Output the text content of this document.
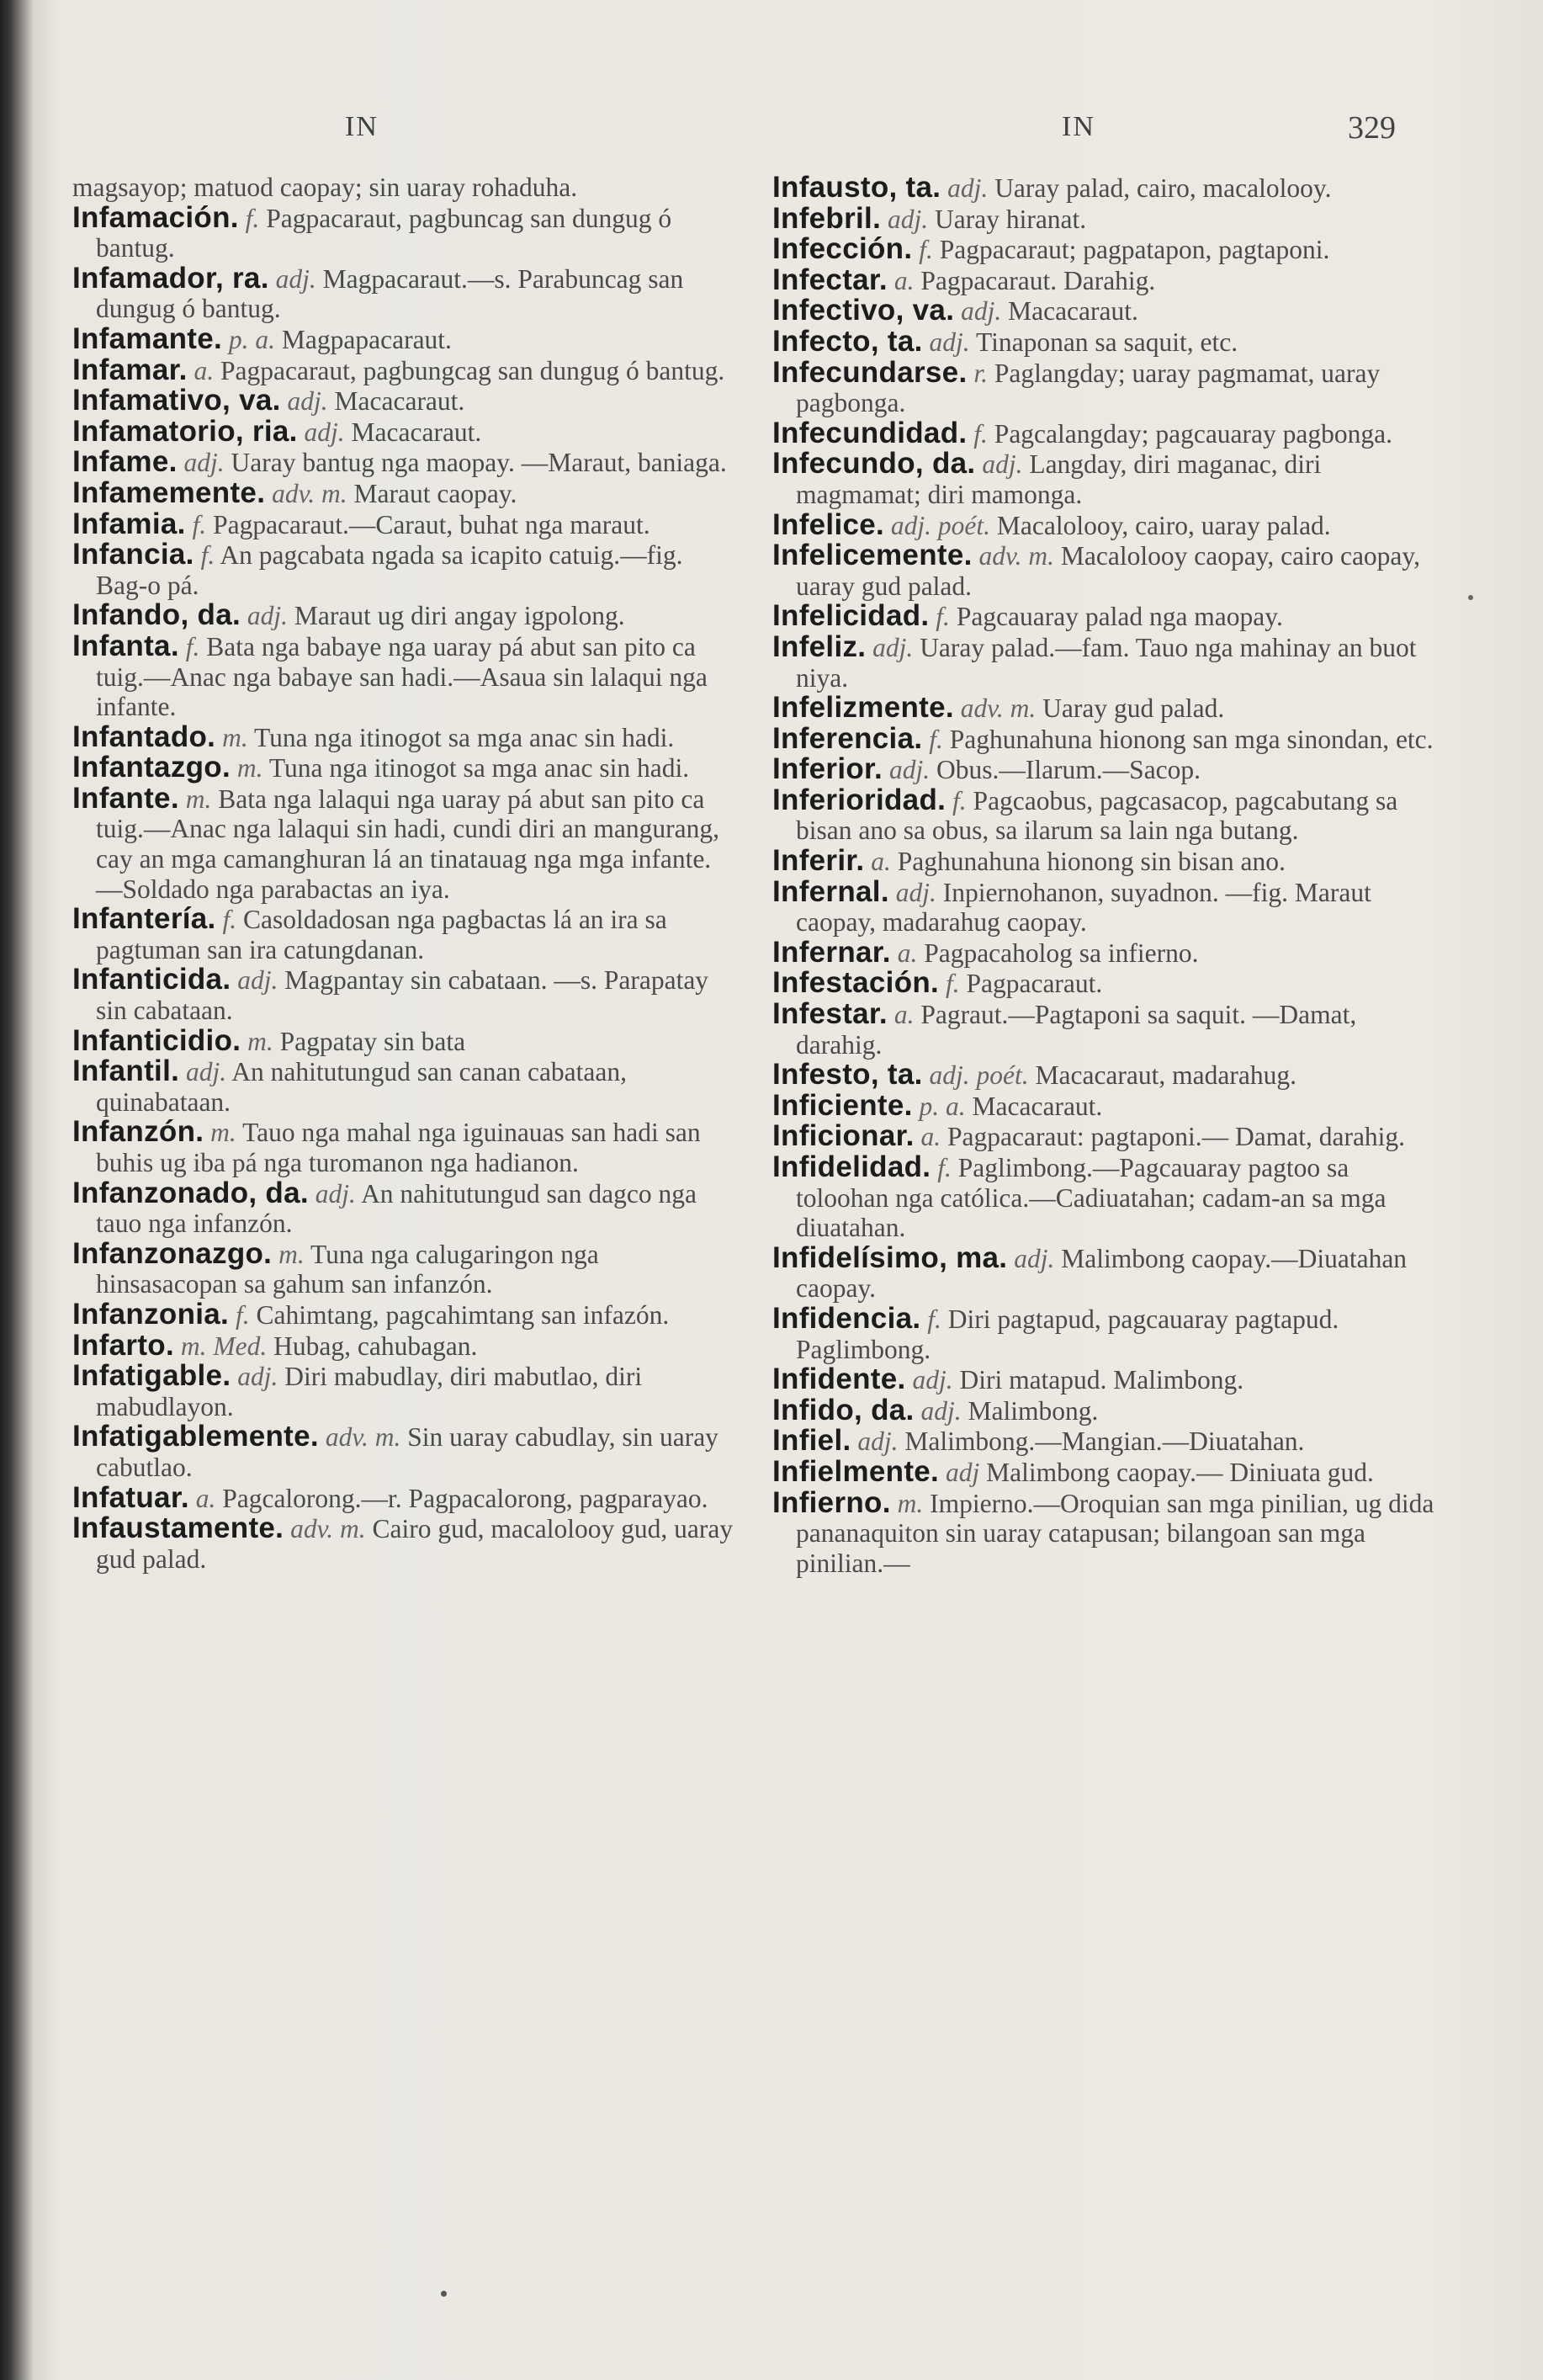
IN	IN	329

magsayop; matuod caopay; sin uaray rohaduha.

Infamación. f. Pagpacaraut, pagbuncag san dungug ó bantug.

Infamador, ra. adj. Magpacaraut.—s. Parabuncag san dungug ó bantug.

Infamante. p. a. Magpapacaraut.

Infamar. a. Pagpacaraut, pagbungcag san dungug ó bantug.

Infamativo, va. adj. Macacaraut.

Infamatorio, ria. adj. Macacaraut.

Infame. adj. Uaray bantug nga maopay. —Maraut, baniaga.

Infamemente. adv. m. Maraut caopay.

Infamia. f. Pagpacaraut.—Caraut, buhat nga maraut.

Infancia. f. An pagcabata ngada sa icapito catuig.—fig. Bag-o pá.

Infando, da. adj. Maraut ug diri angay igpolong.

Infanta. f. Bata nga babaye nga uaray pá abut san pito ca tuig.—Anac nga babaye san hadi.—Asaua sin lalaqui nga infante.

Infantado. m. Tuna nga itinogot sa mga anac sin hadi.

Infantazgo. m. Tuna nga itinogot sa mga anac sin hadi.

Infante. m. Bata nga lalaqui nga uaray pá abut san pito ca tuig.—Anac nga lalaqui sin hadi, cundi diri an mangurang, cay an mga camanghuran lá an tinatauag nga mga infante.—Soldado nga parabactas an iya.

Infantería. f. Casoldadosan nga pagbactas lá an ira sa pagtuman san ira catungdanan.

Infanticida. adj. Magpantay sin cabataan. —s. Parapatay sin cabataan.

Infanticidio. m. Pagpatay sin bata

Infantil. adj. An nahitutungud san canan cabataan, quinabataan.

Infanzón. m. Tauo nga mahal nga iguinauas san hadi san buhis ug iba pá nga turomanon nga hadianon.

Infanzonado, da. adj. An nahitutungud san dagco nga tauo nga infanzón.

Infanzonazgo. m. Tuna nga calugaringon nga hinsasacopan sa gahum san infanzón.

Infanzonia. f. Cahimtang, pagcahimtang san infazón.

Infarto. m. Med. Hubag, cahubagan.

Infatigable. adj. Diri mabudlay, diri mabutlao, diri mabudlayon.

Infatigablemente. adv. m. Sin uaray cabudlay, sin uaray cabutlao.

Infatuar. a. Pagcalorong.—r. Pagpacalorong, pagparayao.

Infaustamente. adv. m. Cairo gud, macalolooy gud, uaray gud palad.

Infausto, ta. adj. Uaray palad, cairo, macalolooy.

Infebril. adj. Uaray hiranat.

Infección. f. Pagpacaraut; pagpatapon, pagtaponi.

Infectar. a. Pagpacaraut. Darahig.

Infectivo, va. adj. Macacaraut.

Infecto, ta. adj. Tinaponan sa saquit, etc.

Infecundarse. r. Paglangday; uaray pagmamat, uaray pagbonga.

Infecundidad. f. Pagcalangday; pagcauaray pagbonga.

Infecundo, da. adj. Langday, diri maganac, diri magmamat; diri mamonga.

Infelice. adj. poét. Macalolooy, cairo, uaray palad.

Infelicemente. adv. m. Macalolooy caopay, cairo caopay, uaray gud palad.

Infelicidad. f. Pagcauaray palad nga maopay.

Infeliz. adj. Uaray palad.—fam. Tauo nga mahinay an buot niya.

Infelizmente. adv. m. Uaray gud palad.

Inferencia. f. Paghunahuna hionong san mga sinondan, etc.

Inferior. adj. Obus.—Ilarum.—Sacop.

Inferioridad. f. Pagcaobus, pagcasacop, pagcabutang sa bisan ano sa obus, sa ilarum sa lain nga butang.

Inferir. a. Paghunahuna hionong sin bisan ano.

Infernal. adj. Inpiernohanon, suyadnon. —fig. Maraut caopay, madarahug caopay.

Infernar. a. Pagpacaholog sa infierno.

Infestación. f. Pagpacaraut.

Infestar. a. Pagraut.—Pagtaponi sa saquit. —Damat, darahig.

Infesto, ta. adj. poét. Macacaraut, madarahug.

Inficiente. p. a. Macacaraut.

Inficionar. a. Pagpacaraut: pagtaponi.— Damat, darahig.

Infidelidad. f. Paglimbong.—Pagcauaray pagtoo sa toloohan nga católica.—Cadiuatahan; cadam-an sa mga diuatahan.

Infidelísimo, ma. adj. Malimbong caopay.—Diuatahan caopay.

Infidencia. f. Diri pagtapud, pagcauaray pagtapud. Paglimbong.

Infidente. adj. Diri matapud. Malimbong.

Infido, da. adj. Malimbong.

Infiel. adj. Malimbong.—Mangian.—Diuatahan.

Infielmente. adj Malimbong caopay.— Diniuata gud.

Infierno. m. Impierno.—Oroquian san mga pinilian, ug dida pananaquiton sin uaray catapusan; bilangoan san mga pinilian.—
